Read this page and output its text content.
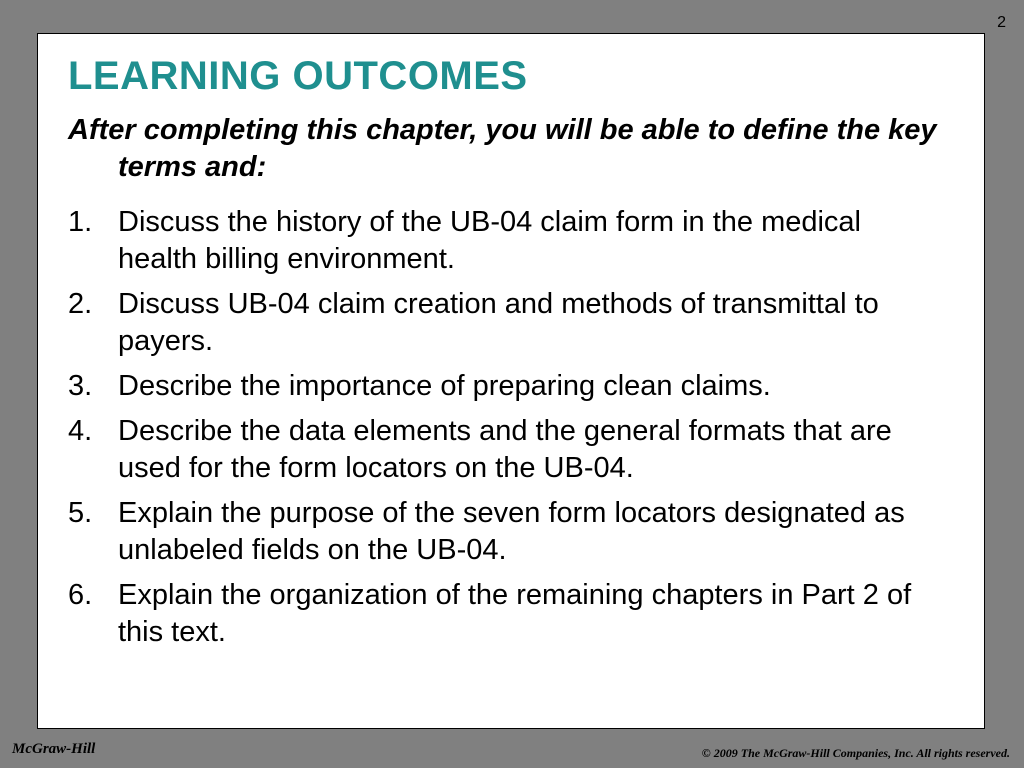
2
LEARNING OUTCOMES

After completing this chapter, you will be able to define the key terms and:

1. Discuss the history of the UB-04 claim form in the medical health billing environment.
2. Discuss UB-04 claim creation and methods of transmittal to payers.
3. Describe the importance of preparing clean claims.
4. Describe the data elements and the general formats that are used for the form locators on the UB-04.
5. Explain the purpose of the seven form locators designated as unlabeled fields on the UB-04.
6. Explain the organization of the remaining chapters in Part 2 of this text.
McGraw-Hill	© 2009 The McGraw-Hill Companies, Inc. All rights reserved.
